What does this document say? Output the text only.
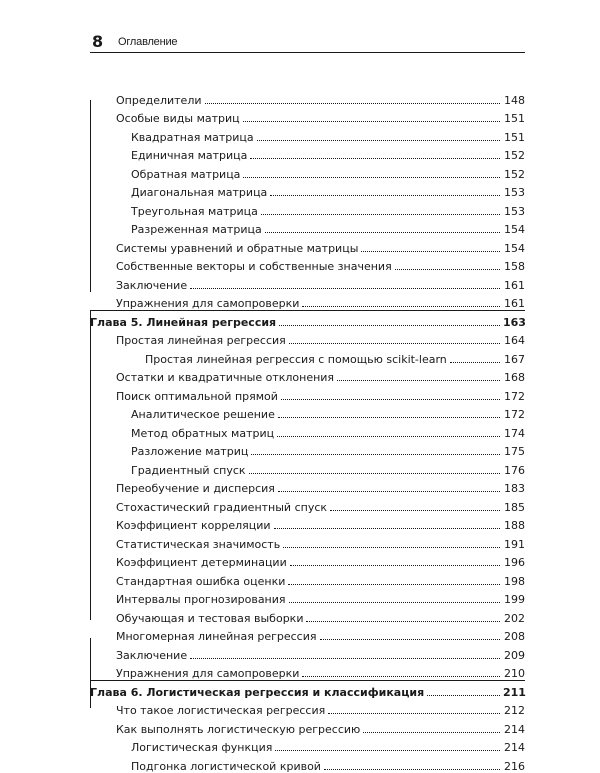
8 Оглавление
Определители	148
Особые виды матриц	151
Квадратная матрица	151
Единичная матрица	152
Обратная матрица	152
Диагональная матрица	153
Треугольная матрица	153
Разреженная матрица	154
Системы уравнений и обратные матрицы	154
Собственные векторы и собственные значения	158
Заключение	161
Упражнения для самопроверки	161
Глава 5. Линейная регрессия	163
Простая линейная регрессия	164
Простая линейная регрессия с помощью scikit-learn	167
Остатки и квадратичные отклонения	168
Поиск оптимальной прямой	172
Аналитическое решение	172
Метод обратных матриц	174
Разложение матриц	175
Градиентный спуск	176
Переобучение и дисперсия	183
Стохастический градиентный спуск	185
Коэффициент корреляции	188
Статистическая значимость	191
Коэффициент детерминации	196
Стандартная ошибка оценки	198
Интервалы прогнозирования	199
Обучающая и тестовая выборки	202
Многомерная линейная регрессия	208
Заключение	209
Упражнения для самопроверки	210
Глава 6. Логистическая регрессия и классификация	211
Что такое логистическая регрессия	212
Как выполнять логистическую регрессию	214
Логистическая функция	214
Подгонка логистической кривой	216
